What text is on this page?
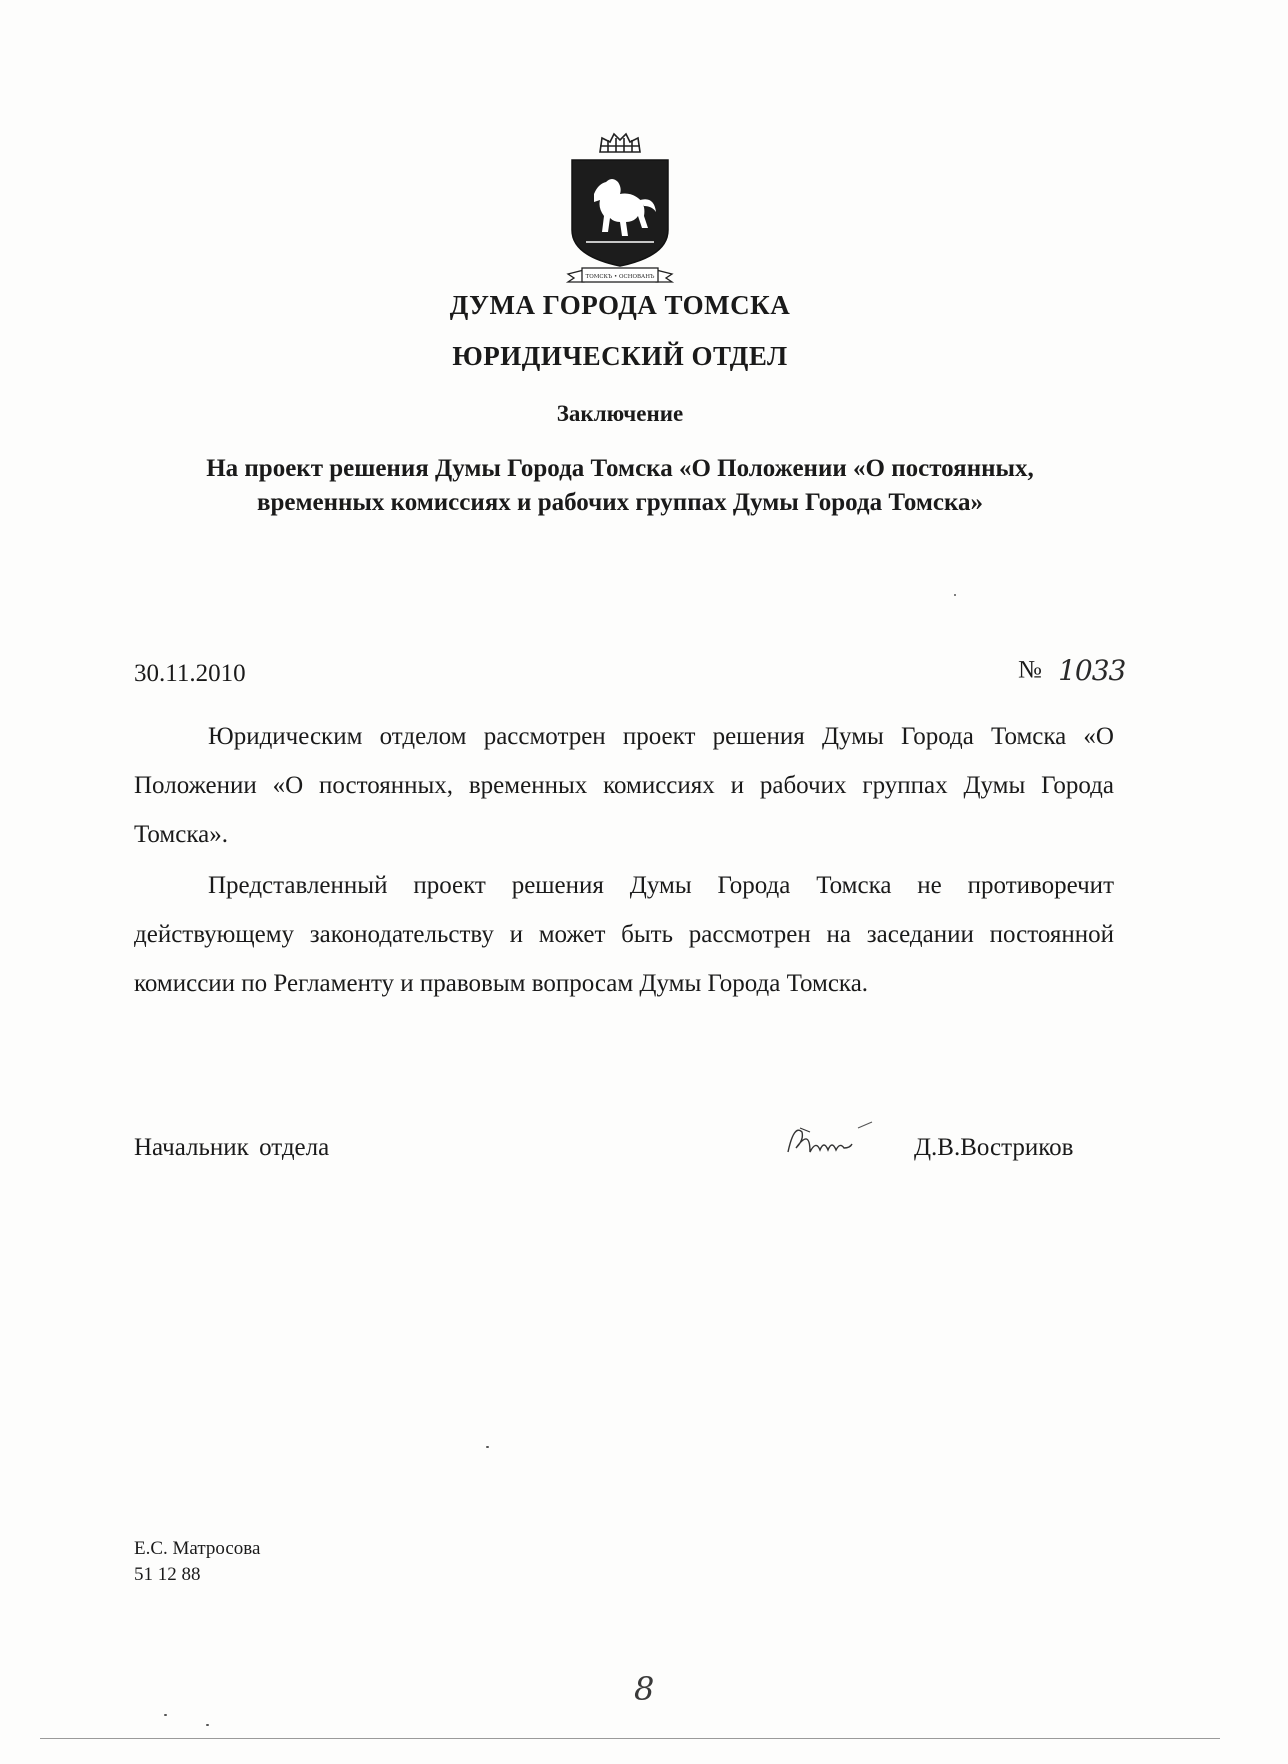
ТОМСКЪ • ОСНОВАНЪ
ДУМА ГОРОДА ТОМСКА
ЮРИДИЧЕСКИЙ ОТДЕЛ
Заключение
На проект решения Думы Города Томска «О Положении «О постоянных, временных комиссиях и рабочих группах Думы Города Томска»
30.11.2010	№ 1033

Юридическим отделом рассмотрен проект решения Думы Города Томска «О Положении «О постоянных, временных комиссиях и рабочих группах Думы Города Томска».

Представленный проект решения Думы Города Томска не противоречит действующему законодательству и может быть рассмотрен на заседании постоянной комиссии по Регламенту и правовым вопросам Думы Города Томска.

Начальник отдела	Д.В.Востриков
Е.С. Матросова
51 12 88
8
